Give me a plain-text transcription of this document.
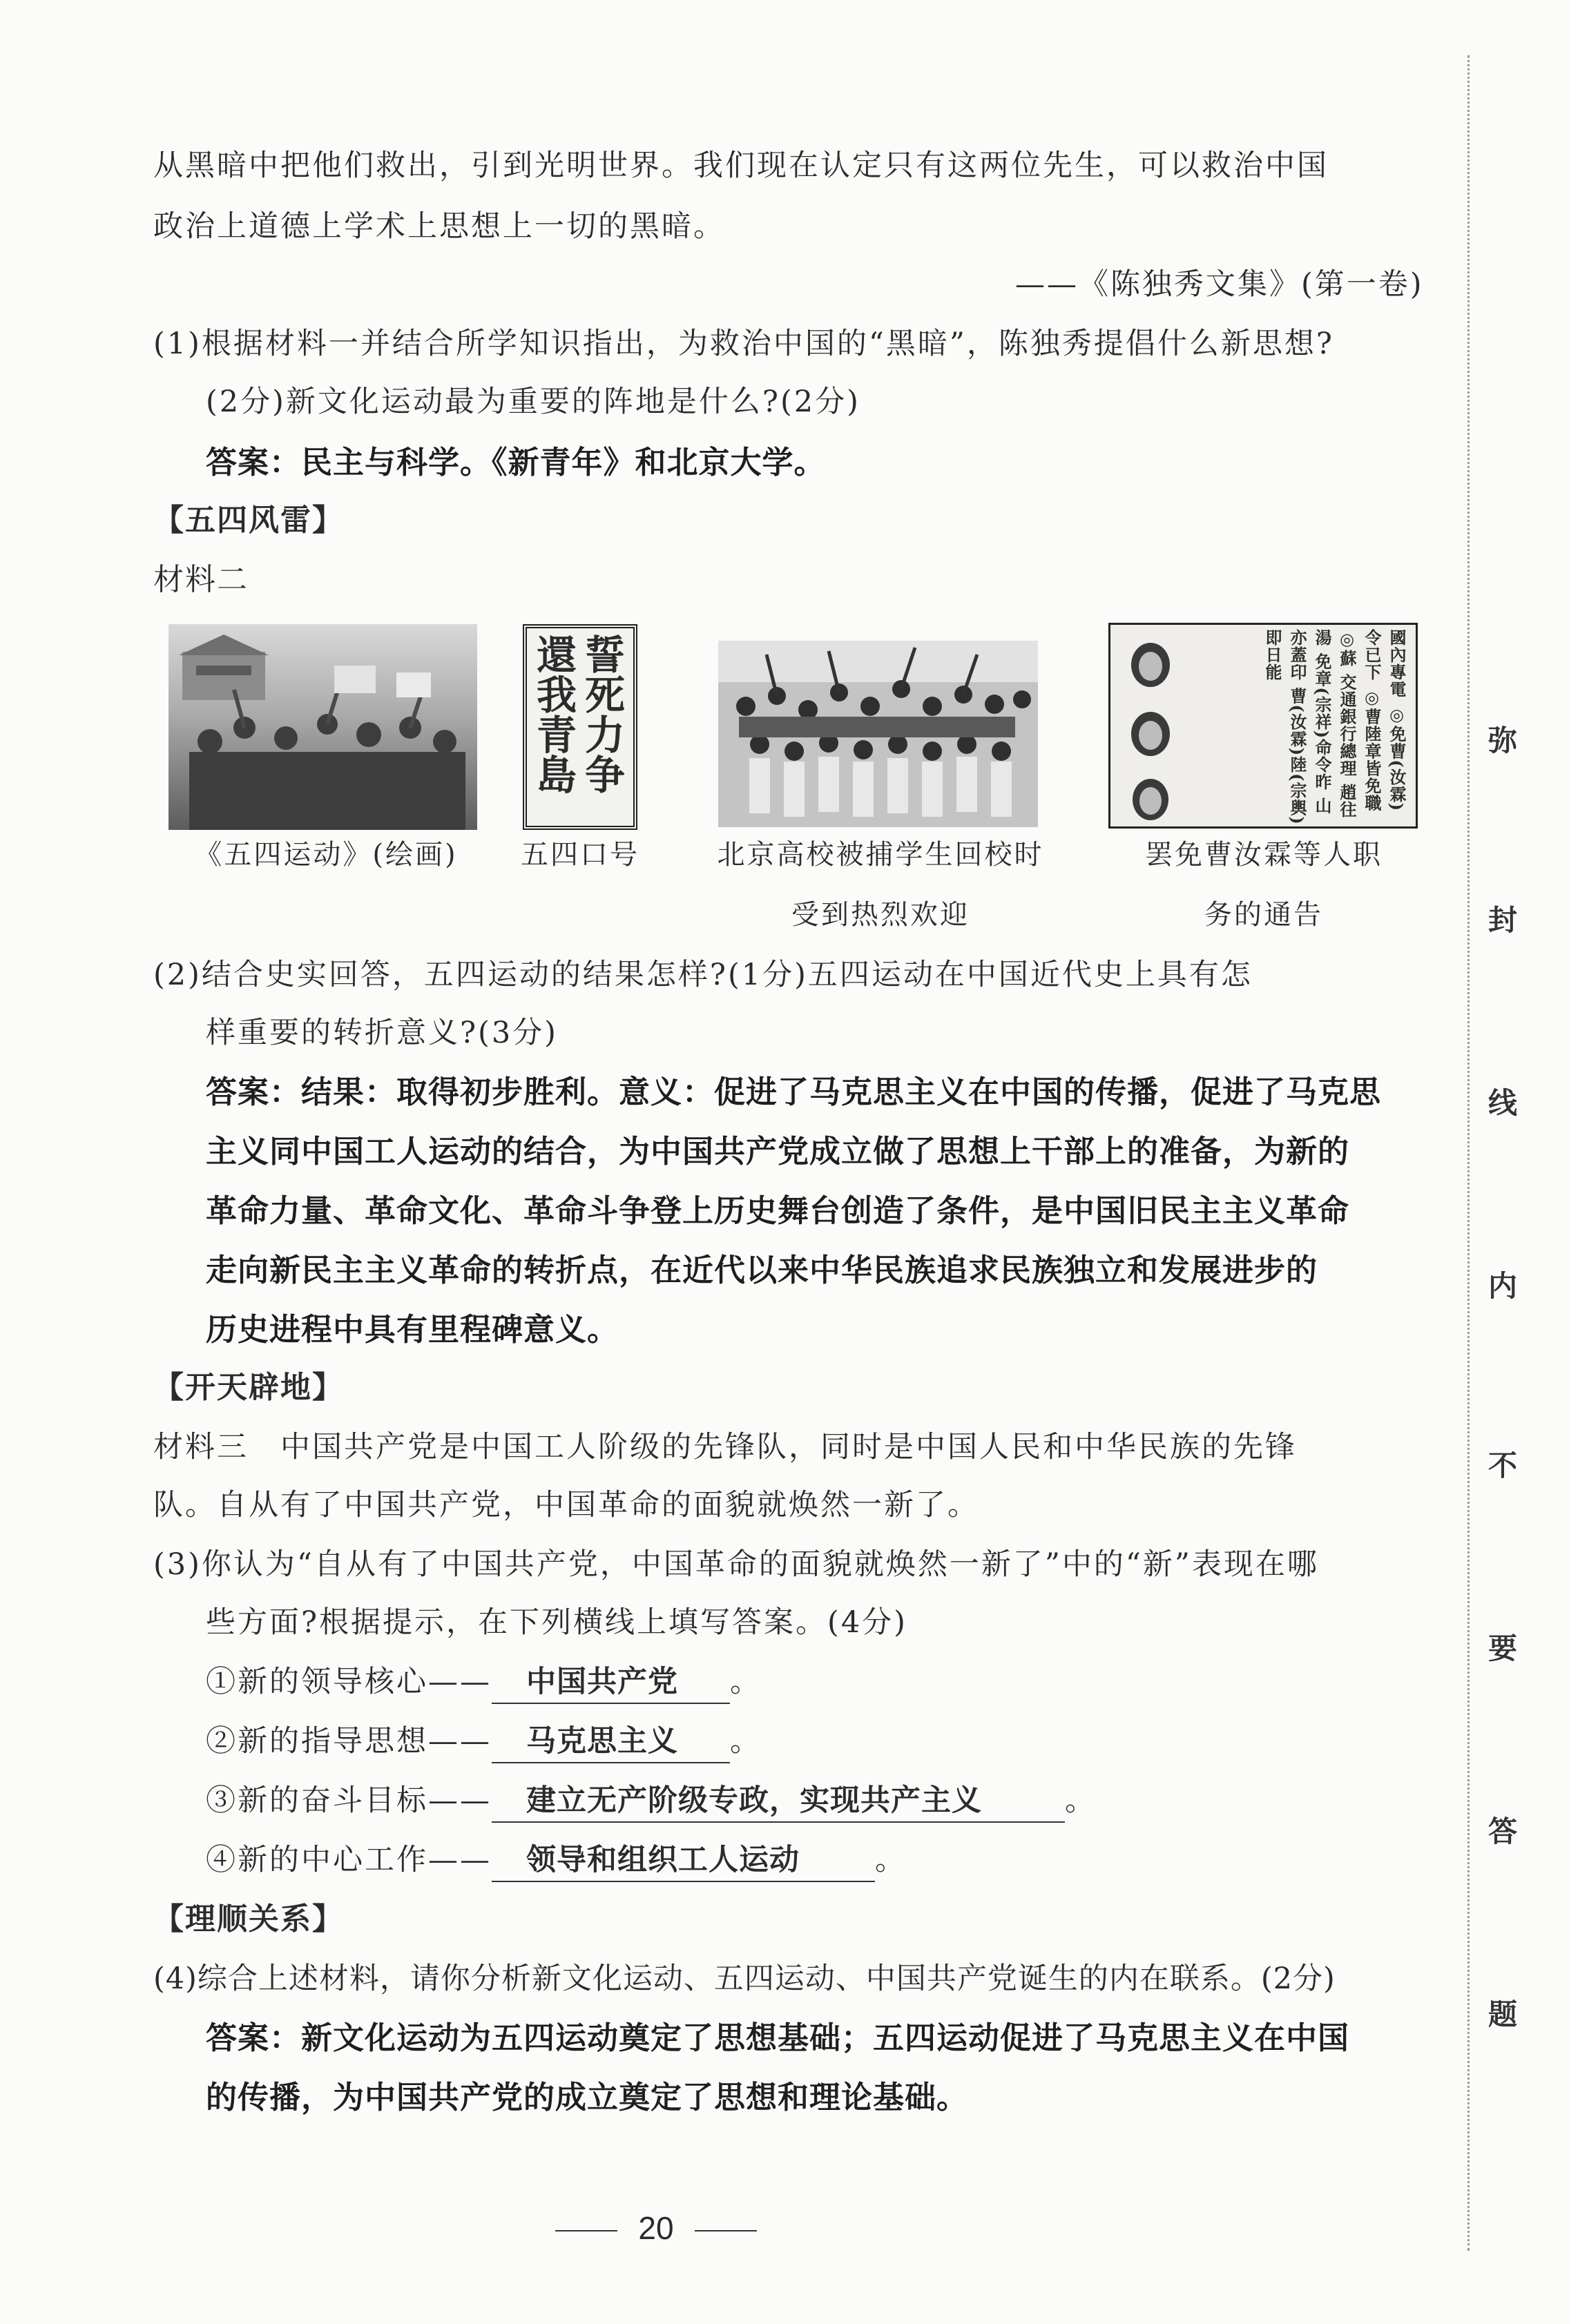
从黑暗中把他们救出，引到光明世界。我们现在认定只有这两位先生，可以救治中国
政治上道德上学术上思想上一切的黑暗。
——《陈独秀文集》(第一卷)
(1)根据材料一并结合所学知识指出，为救治中国的“黑暗”，陈独秀提倡什么新思想?
(2分)新文化运动最为重要的阵地是什么?(2分)
答案：民主与科学。《新青年》和北京大学。
【五四风雷】
材料二
誓死力争
還我青島	國內專電 ◎免曹(汝霖)令已下 ◎曹陸章皆免職 ◎蘇 交通銀行總理 趙往湯 免章(宗祥)命令昨 山 亦蓋印 曹(汝霖)陸(宗輿)即日能
《五四运动》(绘画)	五四口号	北京高校被捕学生回校时
受到热烈欢迎
罢免曹汝霖等人职
务的通告
(2)结合史实回答，五四运动的结果怎样?(1分)五四运动在中国近代史上具有怎
样重要的转折意义?(3分)
答案：结果：取得初步胜利。意义：促进了马克思主义在中国的传播，促进了马克思
主义同中国工人运动的结合，为中国共产党成立做了思想上干部上的准备，为新的
革命力量、革命文化、革命斗争登上历史舞台创造了条件，是中国旧民主主义革命
走向新民主主义革命的转折点，在近代以来中华民族追求民族独立和发展进步的
历史进程中具有里程碑意义。
【开天辟地】
材料三　中国共产党是中国工人阶级的先锋队，同时是中国人民和中华民族的先锋
队。自从有了中国共产党，中国革命的面貌就焕然一新了。
(3)你认为“自从有了中国共产党，中国革命的面貌就焕然一新了”中的“新”表现在哪
些方面?根据提示，在下列横线上填写答案。(4分)
①新的领导核心—— 中国共产党 。
②新的指导思想—— 马克思主义 。
③新的奋斗目标—— 建立无产阶级专政，实现共产主义	。
④新的中心工作—— 领导和组织工人运动	。
【理顺关系】
(4)综合上述材料，请你分析新文化运动、五四运动、中国共产党诞生的内在联系。(2分)
答案：新文化运动为五四运动奠定了思想基础；五四运动促进了马克思主义在中国
的传播，为中国共产党的成立奠定了思想和理论基础。
20
弥
封
线
内
不
要
答
题
